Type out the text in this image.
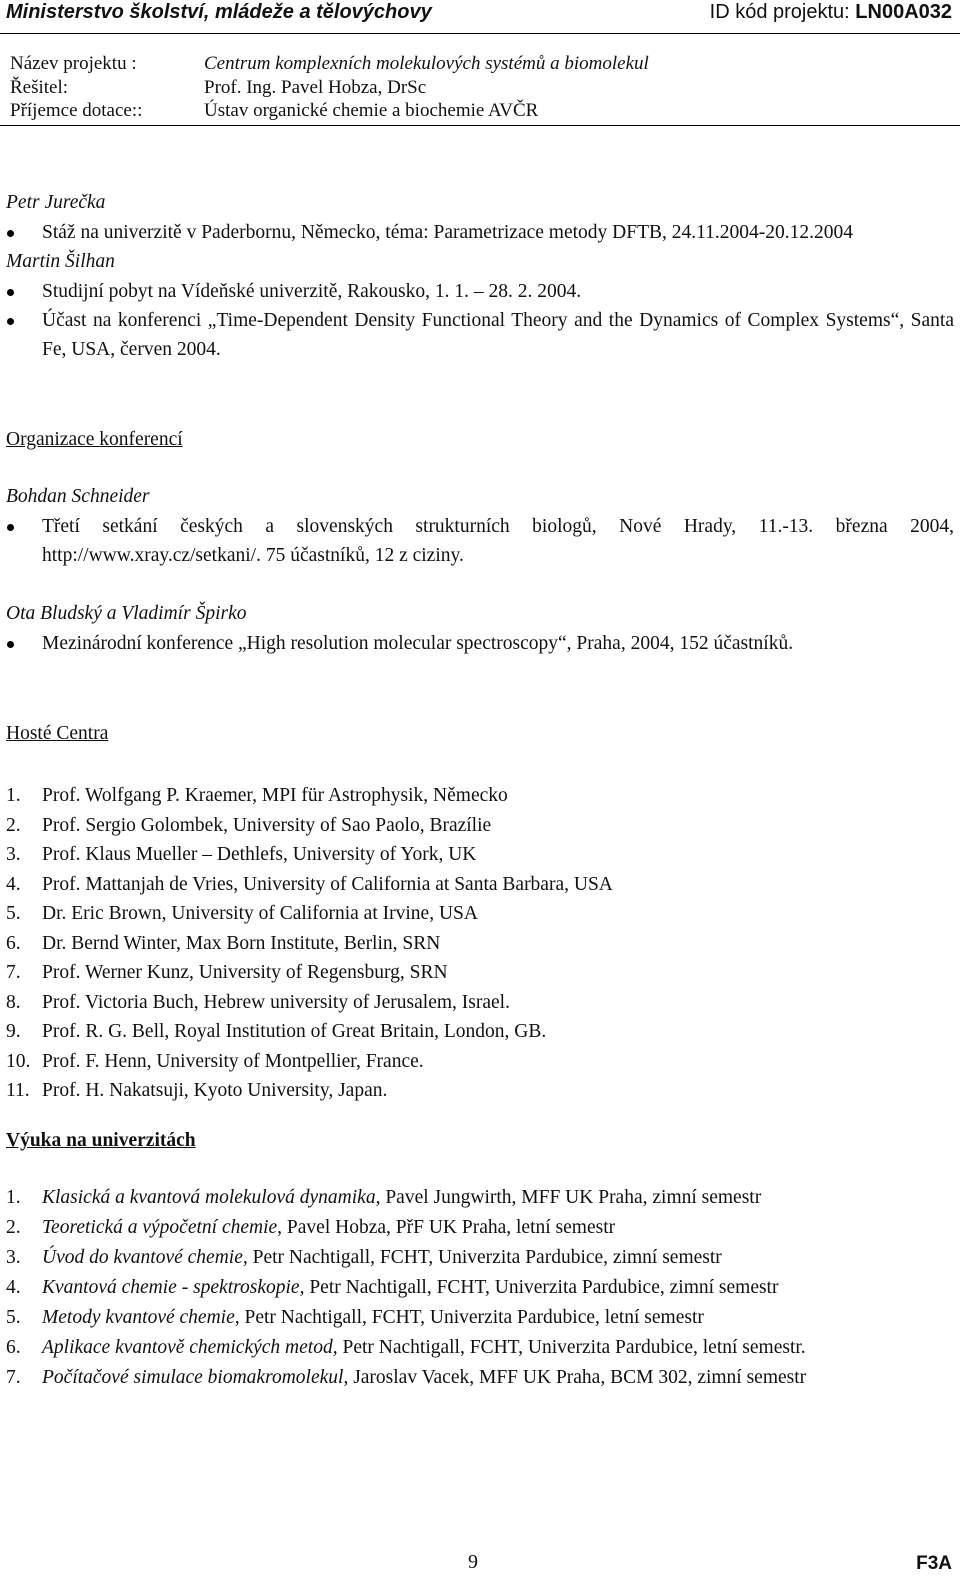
Ministerstvo školství, mládeže a tělovýchovy	ID kód projektu: LN00A032
Název projektu :	Centrum komplexních molekulových systémů a biomolekul
Řešitel:	Prof. Ing. Pavel Hobza, DrSc
Příjemce dotace::	Ústav organické chemie a biochemie AVČR
Petr Jurečka
Stáž na univerzitě v Paderbornu, Německo, téma: Parametrizace metody DFTB, 24.11.2004-20.12.2004
Martin Šilhan
Studijní pobyt na Vídeňské univerzitě, Rakousko, 1. 1. – 28. 2. 2004.
Účast na konferenci „Time-Dependent Density Functional Theory and the Dynamics of Complex Systems“, Santa Fe, USA, červen 2004.
Organizace konferencí
Bohdan Schneider
Třetí setkání českých a slovenských strukturních biologů, Nové Hrady, 11.-13. března 2004, http://www.xray.cz/setkani/. 75 účastníků, 12 z ciziny.
Ota Bludský a Vladimír Špirko
Mezinárodní konference „High resolution molecular spectroscopy“, Praha, 2004, 152 účastníků.
Hosté Centra
1. Prof. Wolfgang P. Kraemer, MPI für Astrophysik, Německo
2. Prof. Sergio Golombek, University of Sao Paolo, Brazílie
3. Prof. Klaus Mueller – Dethlefs, University of York, UK
4. Prof. Mattanjah de Vries, University of California at Santa Barbara, USA
5. Dr. Eric Brown, University of California at Irvine, USA
6. Dr. Bernd Winter, Max Born Institute, Berlin, SRN
7. Prof. Werner Kunz, University of Regensburg, SRN
8. Prof. Victoria Buch, Hebrew university of Jerusalem, Israel.
9. Prof. R. G. Bell, Royal Institution of Great Britain, London, GB.
10. Prof. F. Henn, University of Montpellier, France.
11. Prof. H. Nakatsuji, Kyoto University, Japan.
Výuka na univerzitách
1. Klasická a kvantová molekulová dynamika, Pavel Jungwirth, MFF UK Praha, zimní semestr
2. Teoretická a výpočetní chemie, Pavel Hobza, PřF UK Praha, letní semestr
3. Úvod do kvantové chemie, Petr Nachtigall, FCHT, Univerzita Pardubice, zimní semestr
4. Kvantová chemie - spektroskopie, Petr Nachtigall, FCHT, Univerzita Pardubice, zimní semestr
5. Metody kvantové chemie, Petr Nachtigall, FCHT, Univerzita Pardubice, letní semestr
6. Aplikace kvantově chemických metod, Petr Nachtigall, FCHT, Univerzita Pardubice, letní semestr.
7. Počítačové simulace biomakromolekul, Jaroslav Vacek, MFF UK Praha, BCM 302, zimní semestr
9	F3A
